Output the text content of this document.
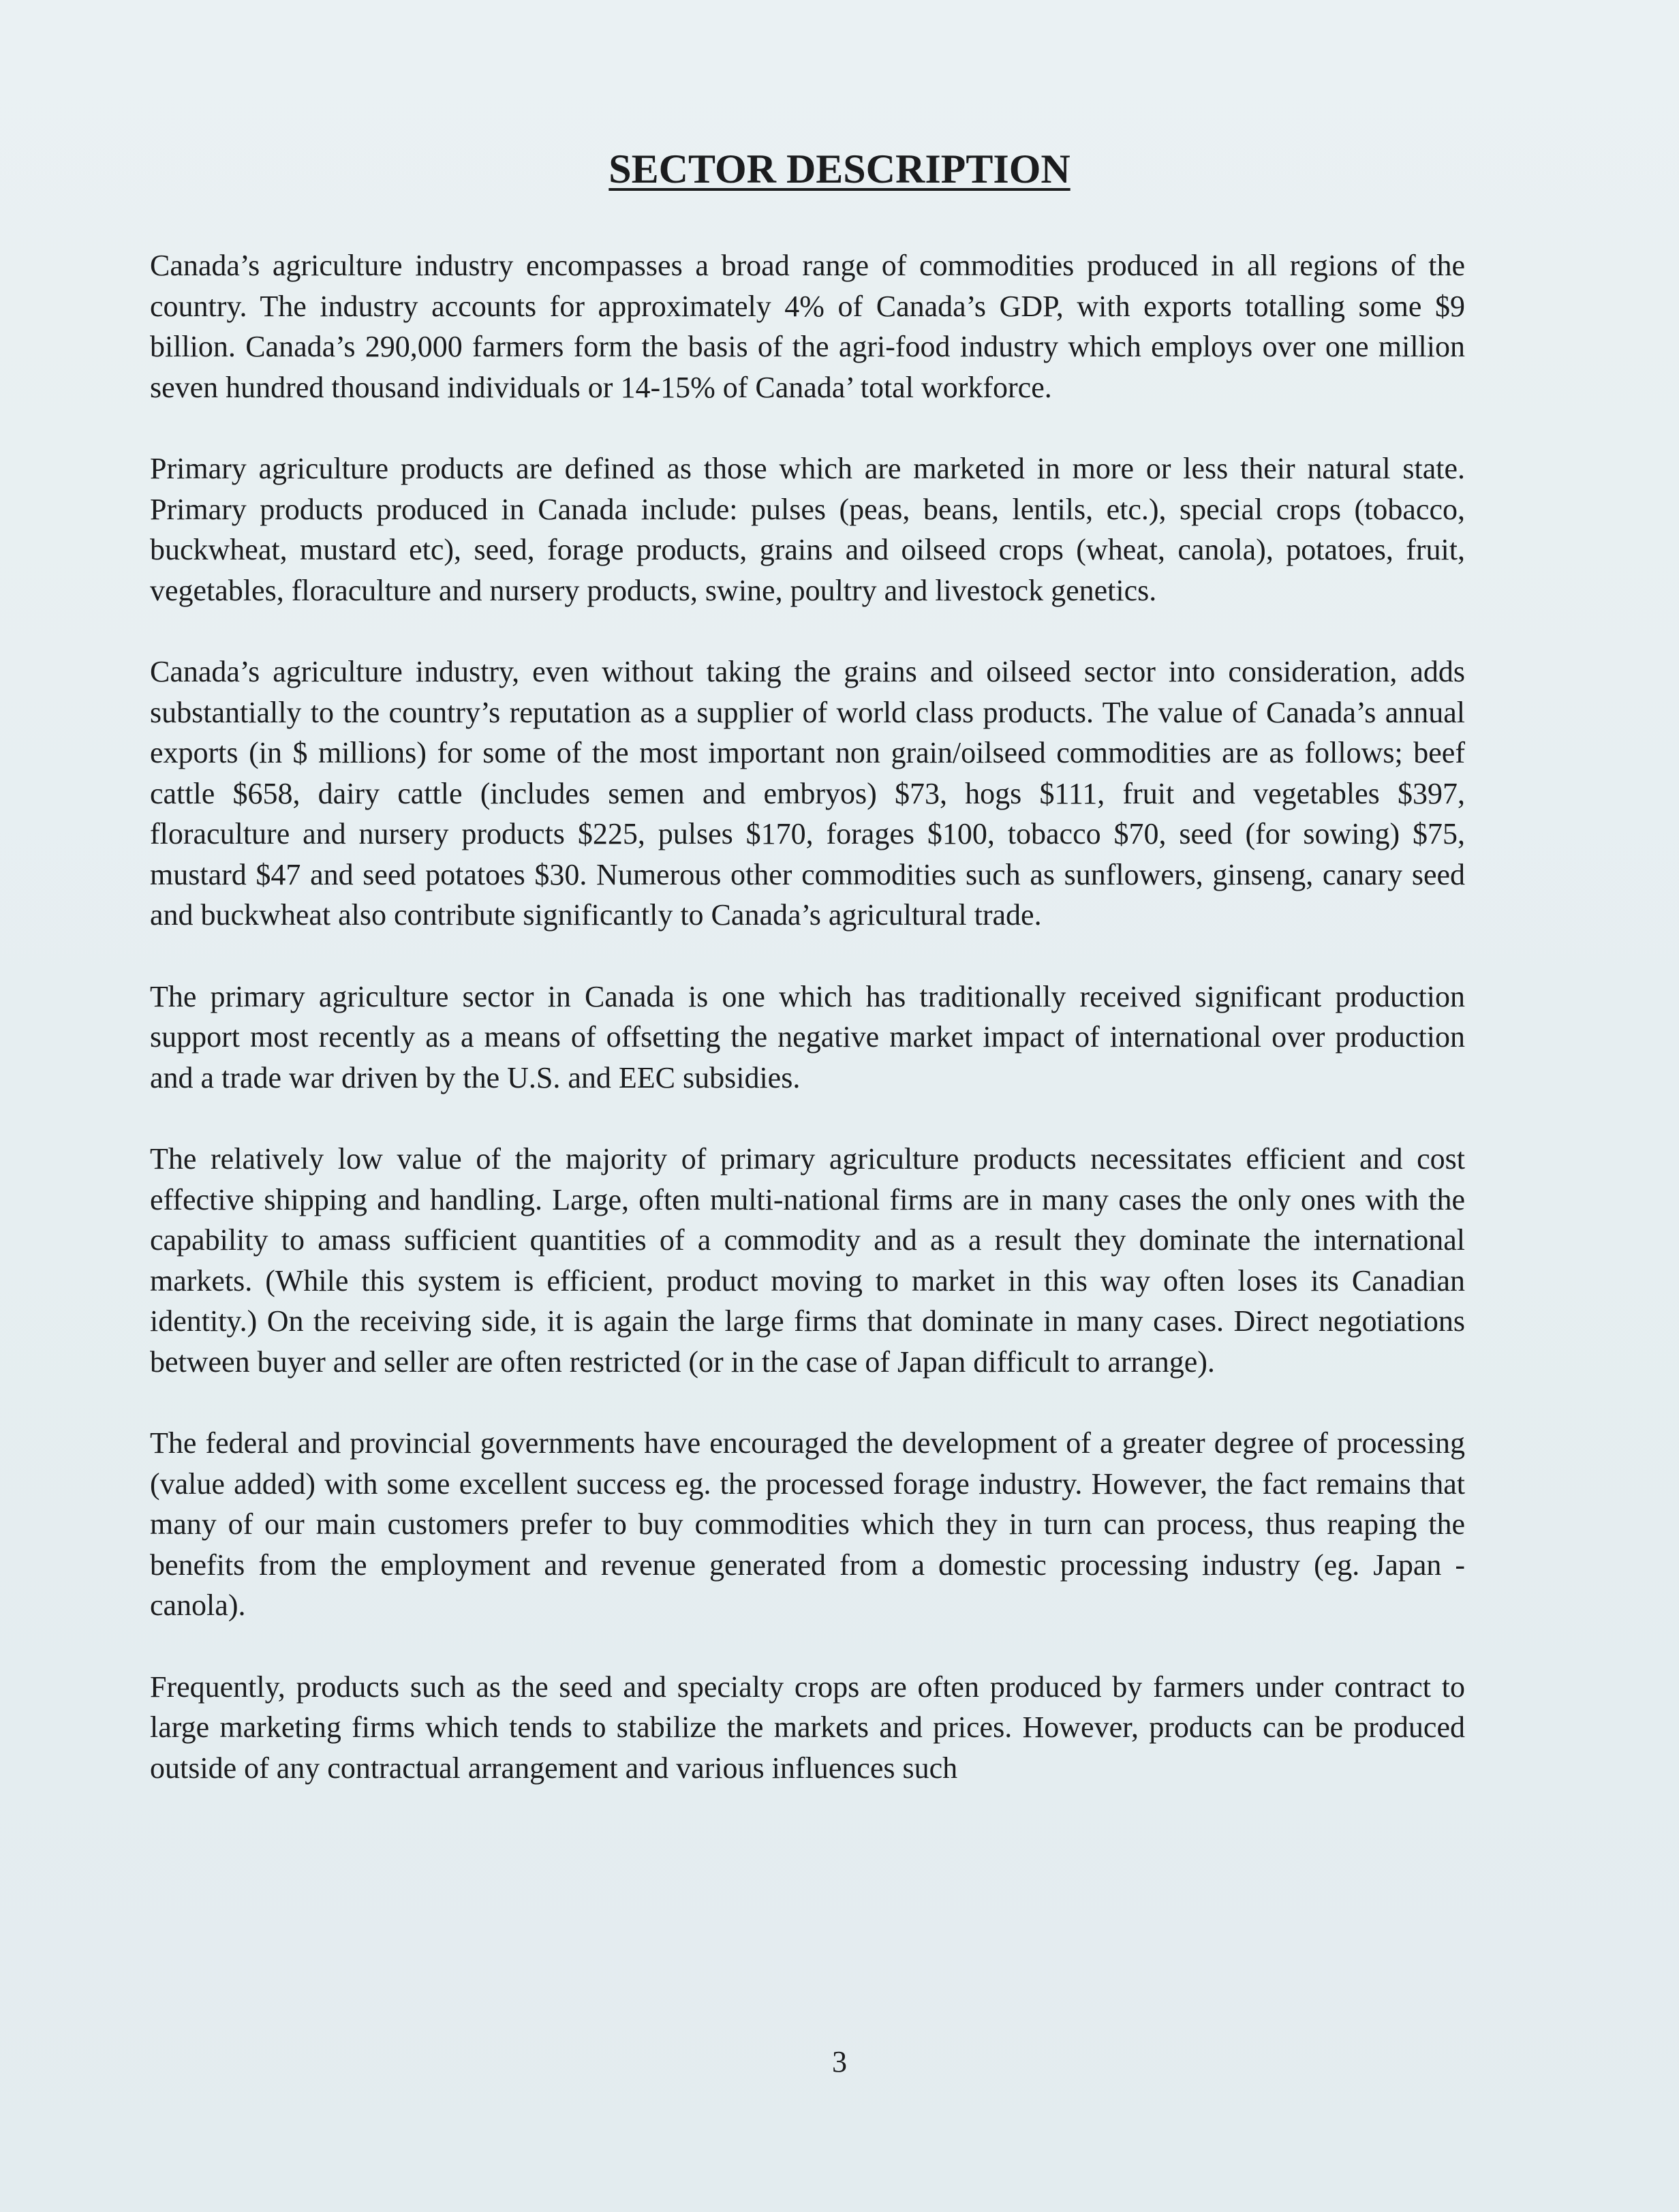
SECTOR DESCRIPTION

Canada’s agriculture industry encompasses a broad range of commodities produced in all regions of the country. The industry accounts for approximately 4% of Canada’s GDP, with exports totalling some $9 billion. Canada’s 290,000 farmers form the basis of the agri-food industry which employs over one million seven hundred thousand individuals or 14-15% of Canada’ total workforce.

Primary agriculture products are defined as those which are marketed in more or less their natural state. Primary products produced in Canada include: pulses (peas, beans, lentils, etc.), special crops (tobacco, buckwheat, mustard etc), seed, forage products, grains and oilseed crops (wheat, canola), potatoes, fruit, vegetables, floraculture and nursery products, swine, poultry and livestock genetics.

Canada’s agriculture industry, even without taking the grains and oilseed sector into consideration, adds substantially to the country’s reputation as a supplier of world class products. The value of Canada’s annual exports (in $ millions) for some of the most important non grain/oilseed commodities are as follows; beef cattle $658, dairy cattle (includes semen and embryos) $73, hogs $111, fruit and vegetables $397, floraculture and nursery products $225, pulses $170, forages $100, tobacco $70, seed (for sowing) $75, mustard $47 and seed potatoes $30. Numerous other commodities such as sunflowers, ginseng, canary seed and buckwheat also contribute significantly to Canada’s agricultural trade.

The primary agriculture sector in Canada is one which has traditionally received significant production support most recently as a means of offsetting the negative market impact of international over production and a trade war driven by the U.S. and EEC subsidies.

The relatively low value of the majority of primary agriculture products necessitates efficient and cost effective shipping and handling. Large, often multi-national firms are in many cases the only ones with the capability to amass sufficient quantities of a commodity and as a result they dominate the international markets. (While this system is efficient, product moving to market in this way often loses its Canadian identity.) On the receiving side, it is again the large firms that dominate in many cases. Direct negotiations between buyer and seller are often restricted (or in the case of Japan difficult to arrange).

The federal and provincial governments have encouraged the development of a greater degree of processing (value added) with some excellent success eg. the processed forage industry. However, the fact remains that many of our main customers prefer to buy commodities which they in turn can process, thus reaping the benefits from the employment and revenue generated from a domestic processing industry (eg. Japan - canola).

Frequently, products such as the seed and specialty crops are often produced by farmers under contract to large marketing firms which tends to stabilize the markets and prices. However, products can be produced outside of any contractual arrangement and various influences such

3
